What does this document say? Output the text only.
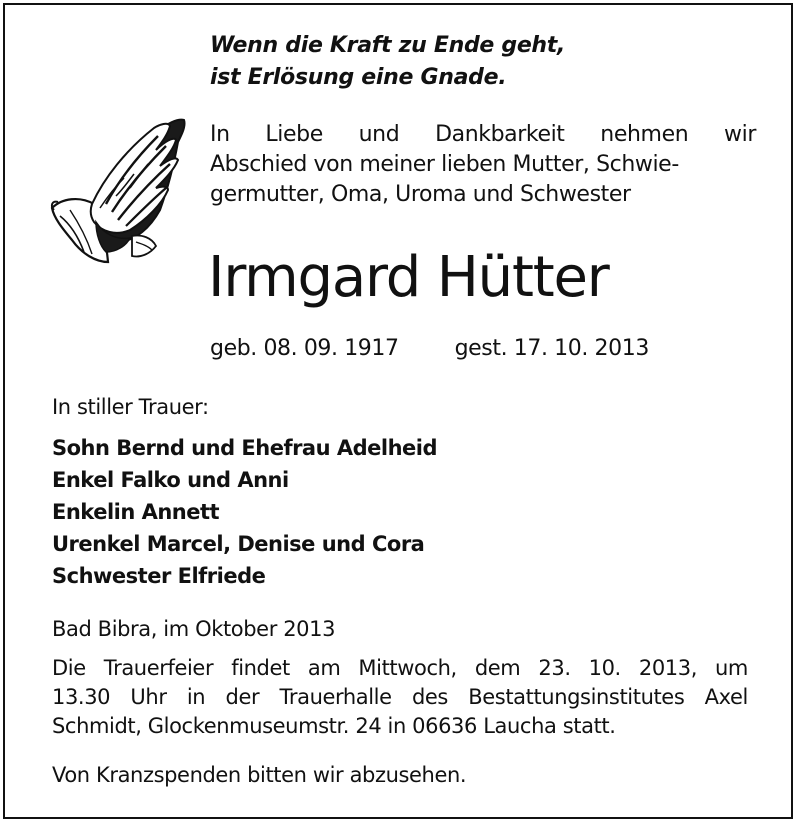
Wenn die Kraft zu Ende geht,
ist Erlösung eine Gnade.
In Liebe und Dankbarkeit nehmen wir
Abschied von meiner lieben Mutter, Schwie-
germutter, Oma, Uroma und Schwester
Irmgard Hütter
geb. 08. 09. 1917	gest. 17. 10. 2013
In stiller Trauer:
Sohn Bernd und Ehefrau Adelheid
Enkel Falko und Anni
Enkelin Annett
Urenkel Marcel, Denise und Cora
Schwester Elfriede
Bad Bibra, im Oktober 2013
Die Trauerfeier findet am Mittwoch, dem 23. 10. 2013, um
13.30 Uhr in der Trauerhalle des Bestattungsinstitutes Axel
Schmidt, Glockenmuseumstr. 24 in 06636 Laucha statt.
Von Kranzspenden bitten wir abzusehen.
